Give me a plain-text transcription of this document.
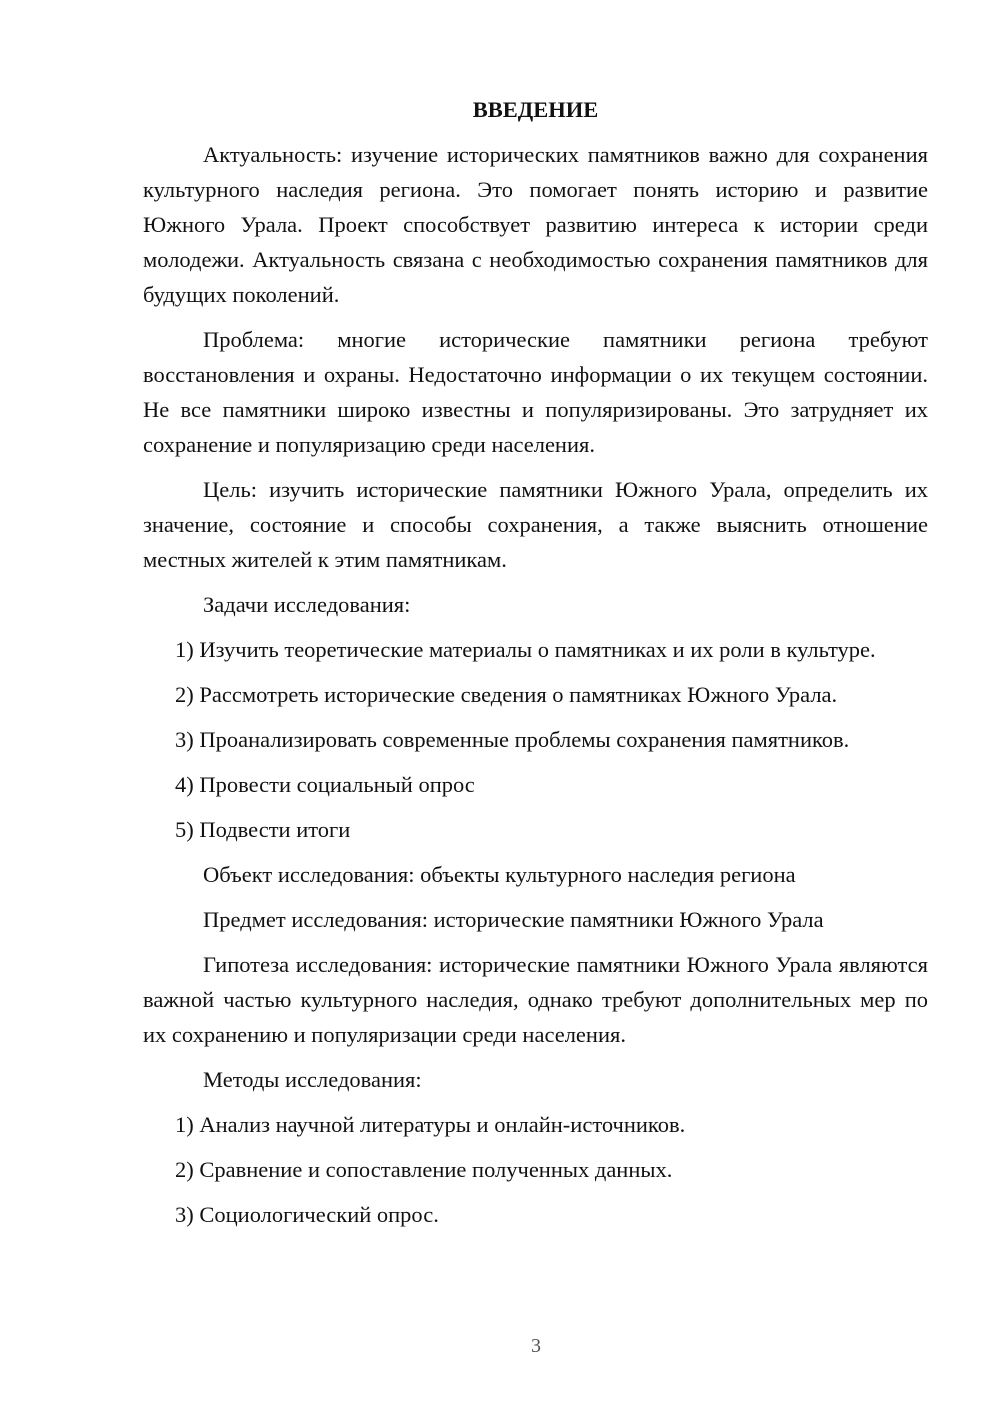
ВВЕДЕНИЕ

Актуальность: изучение исторических памятников важно для сохранения культурного наследия региона. Это помогает понять историю и развитие Южного Урала. Проект способствует развитию интереса к истории среди молодежи. Актуальность связана с необходимостью сохранения памятников для будущих поколений.

Проблема: многие исторические памятники региона требуют восстановления и охраны. Недостаточно информации о их текущем состоянии. Не все памятники широко известны и популяризированы. Это затрудняет их сохранение и популяризацию среди населения.

Цель: изучить исторические памятники Южного Урала, определить их значение, состояние и способы сохранения, а также выяснить отношение местных жителей к этим памятникам.

Задачи исследования:

1) Изучить теоретические материалы о памятниках и их роли в культуре.

2) Рассмотреть исторические сведения о памятниках Южного Урала.

3) Проанализировать современные проблемы сохранения памятников.

4) Провести социальный опрос

5) Подвести итоги

Объект исследования: объекты культурного наследия региона

Предмет исследования: исторические памятники Южного Урала

Гипотеза исследования: исторические памятники Южного Урала являются важной частью культурного наследия, однако требуют дополнительных мер по их сохранению и популяризации среди населения.

Методы исследования:

1) Анализ научной литературы и онлайн-источников.

2) Сравнение и сопоставление полученных данных.

3) Социологический опрос.

3
